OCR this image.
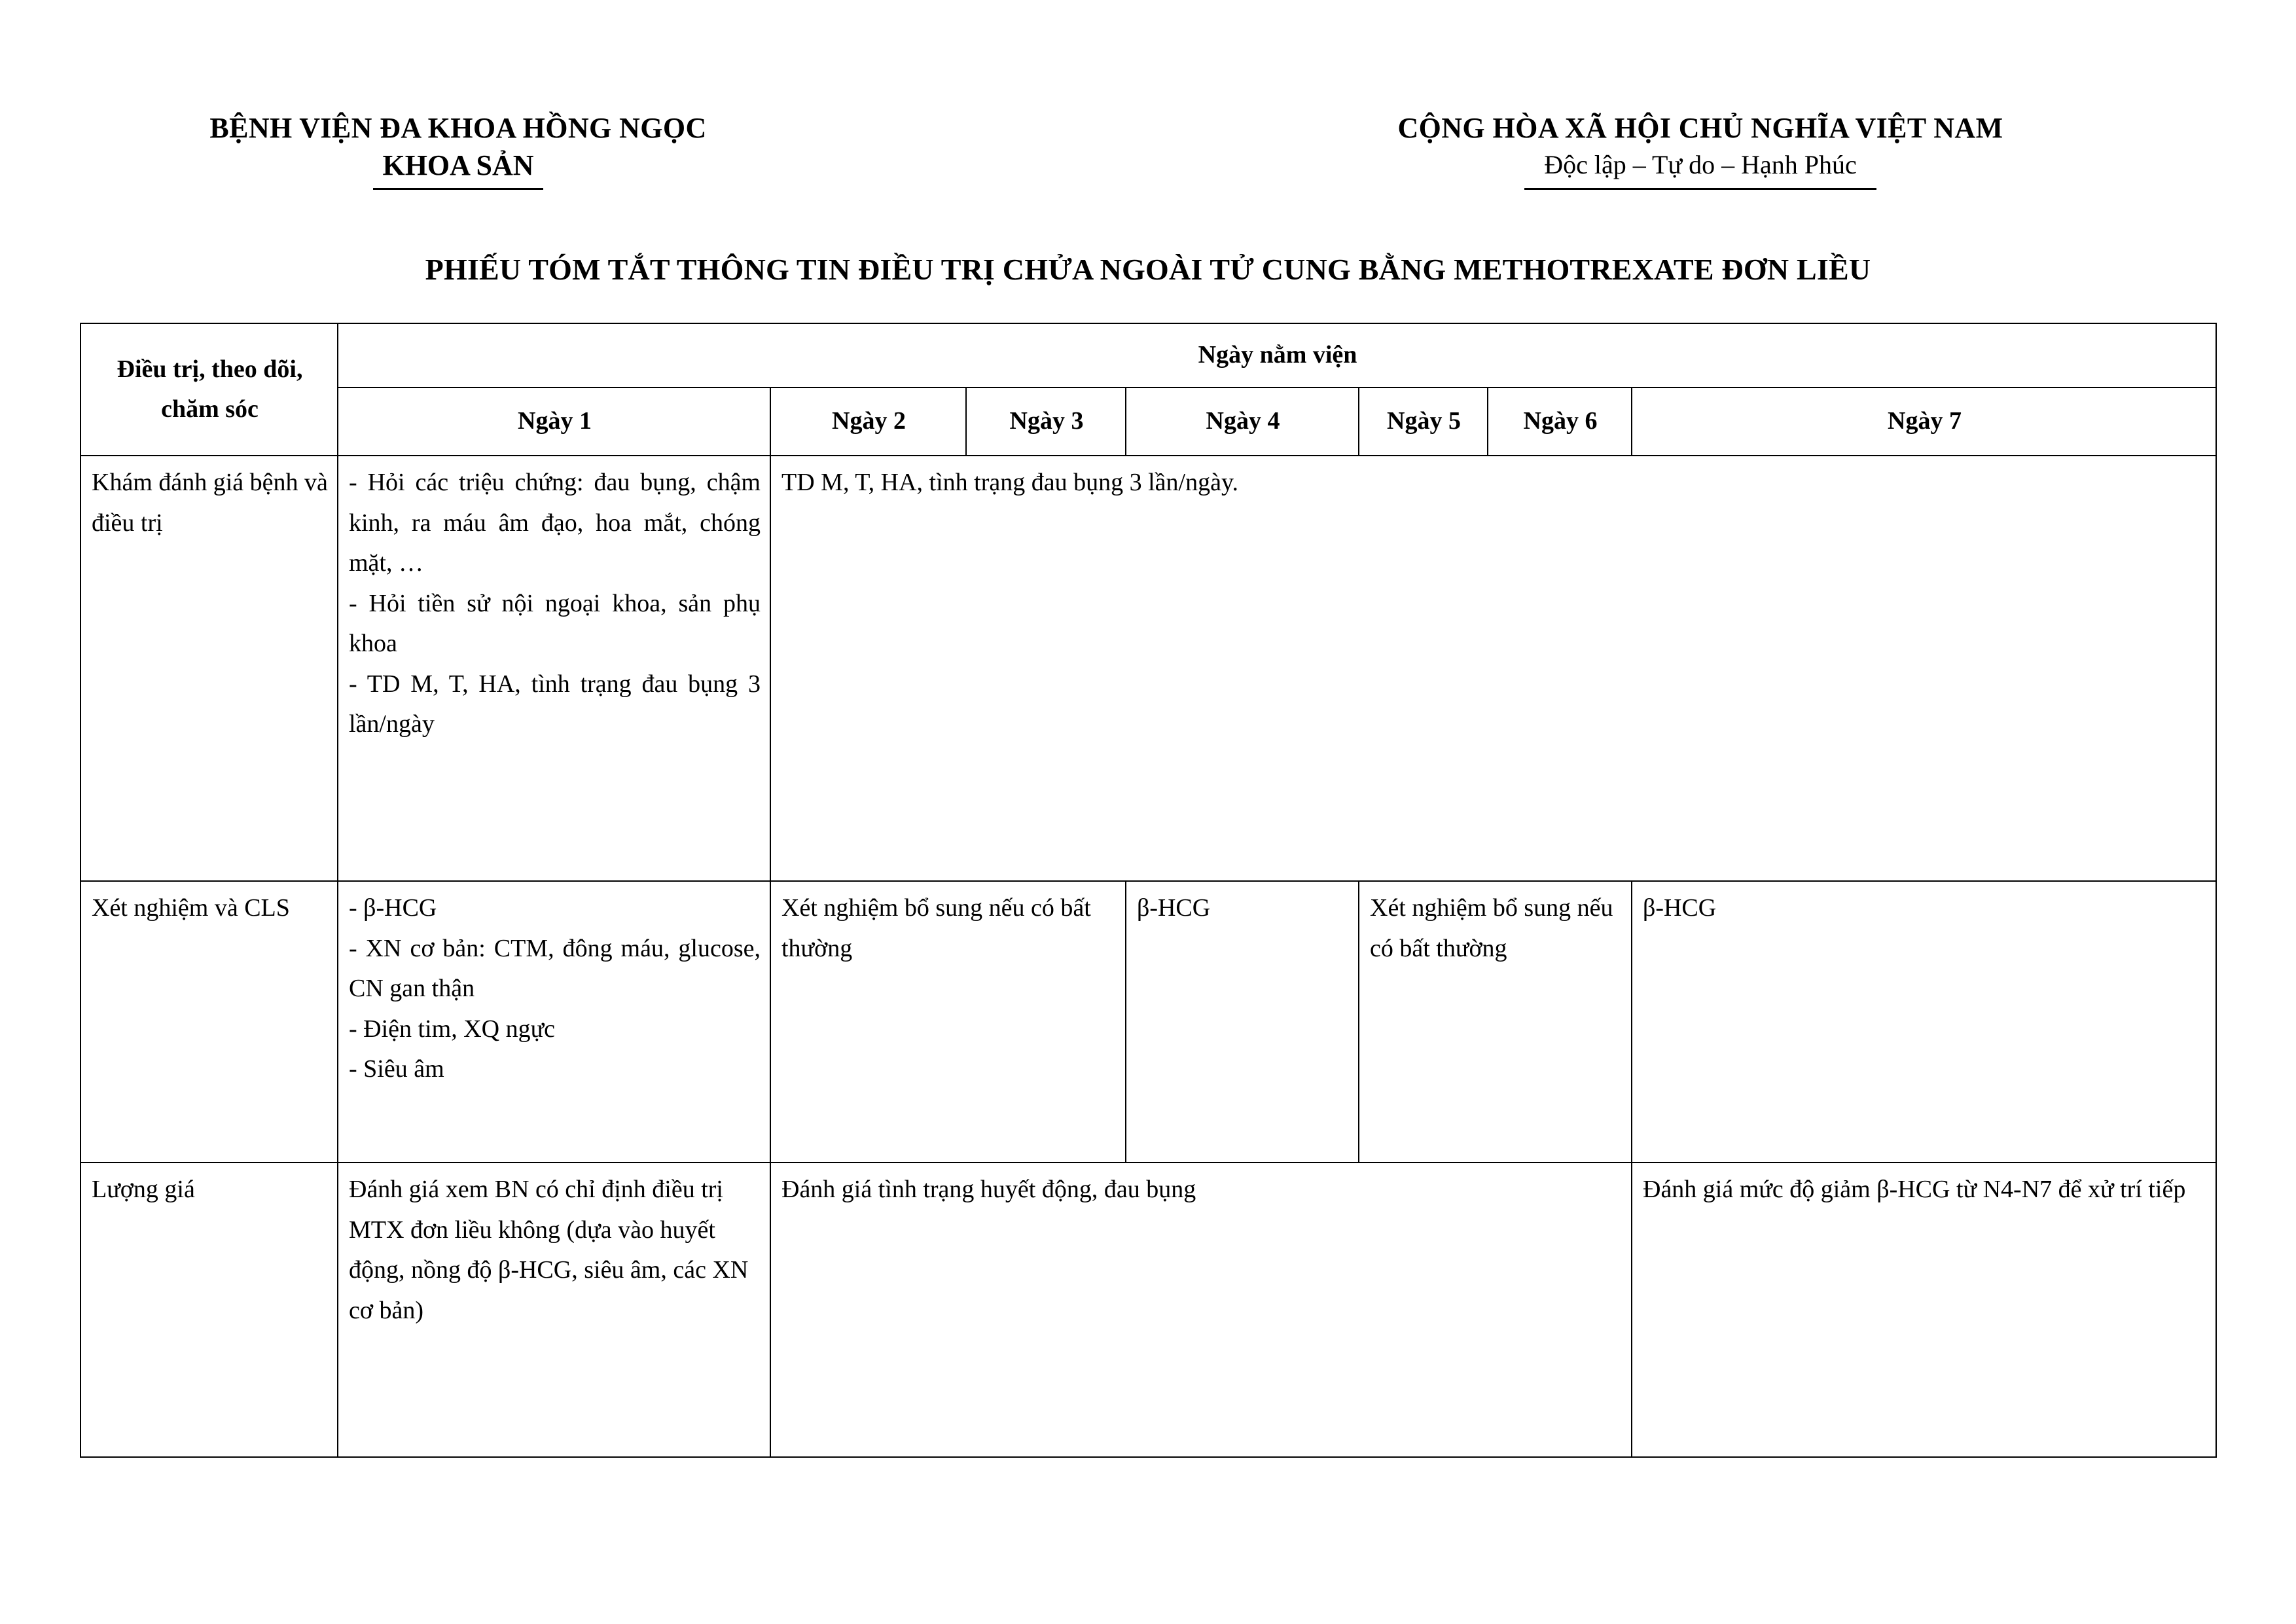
BỆNH VIỆN ĐA KHOA HỒNG NGỌC
KHOA SẢN
CỘNG HÒA XÃ HỘI CHỦ NGHĨA VIỆT NAM
Độc lập – Tự do – Hạnh Phúc
PHIẾU TÓM TẮT THÔNG TIN ĐIỀU TRỊ CHỬA NGOÀI TỬ CUNG BẰNG METHOTREXATE ĐƠN LIỀU
Điều trị, theo dõi, chăm sóc	Ngày nằm viện						
	Ngày 1	Ngày 2	Ngày 3	Ngày 4	Ngày 5	Ngày 6	Ngày 7
Khám đánh giá bệnh và điều trị	- Hỏi các triệu chứng: đau bụng, chậm kinh, ra máu âm đạo, hoa mắt, chóng mặt, …
- Hỏi tiền sử nội ngoại khoa, sản phụ khoa
- TD M, T, HA, tình trạng đau bụng 3 lần/ngày	TD M, T, HA, tình trạng đau bụng 3 lần/ngày.					
Xét nghiệm và CLS	- β-HCG
- XN cơ bản: CTM, đông máu, glucose, CN gan thận
- Điện tim, XQ ngực
- Siêu âm	Xét nghiệm bổ sung nếu có bất thường		β-HCG	Xét nghiệm bổ sung nếu có bất thường		β-HCG
Lượng giá	Đánh giá xem BN có chỉ định điều trị MTX đơn liều không (dựa vào huyết động, nồng độ β-HCG, siêu âm, các XN cơ bản)	Đánh giá tình trạng huyết động, đau bụng					Đánh giá mức độ giảm β-HCG từ N4-N7 để xử trí tiếp
